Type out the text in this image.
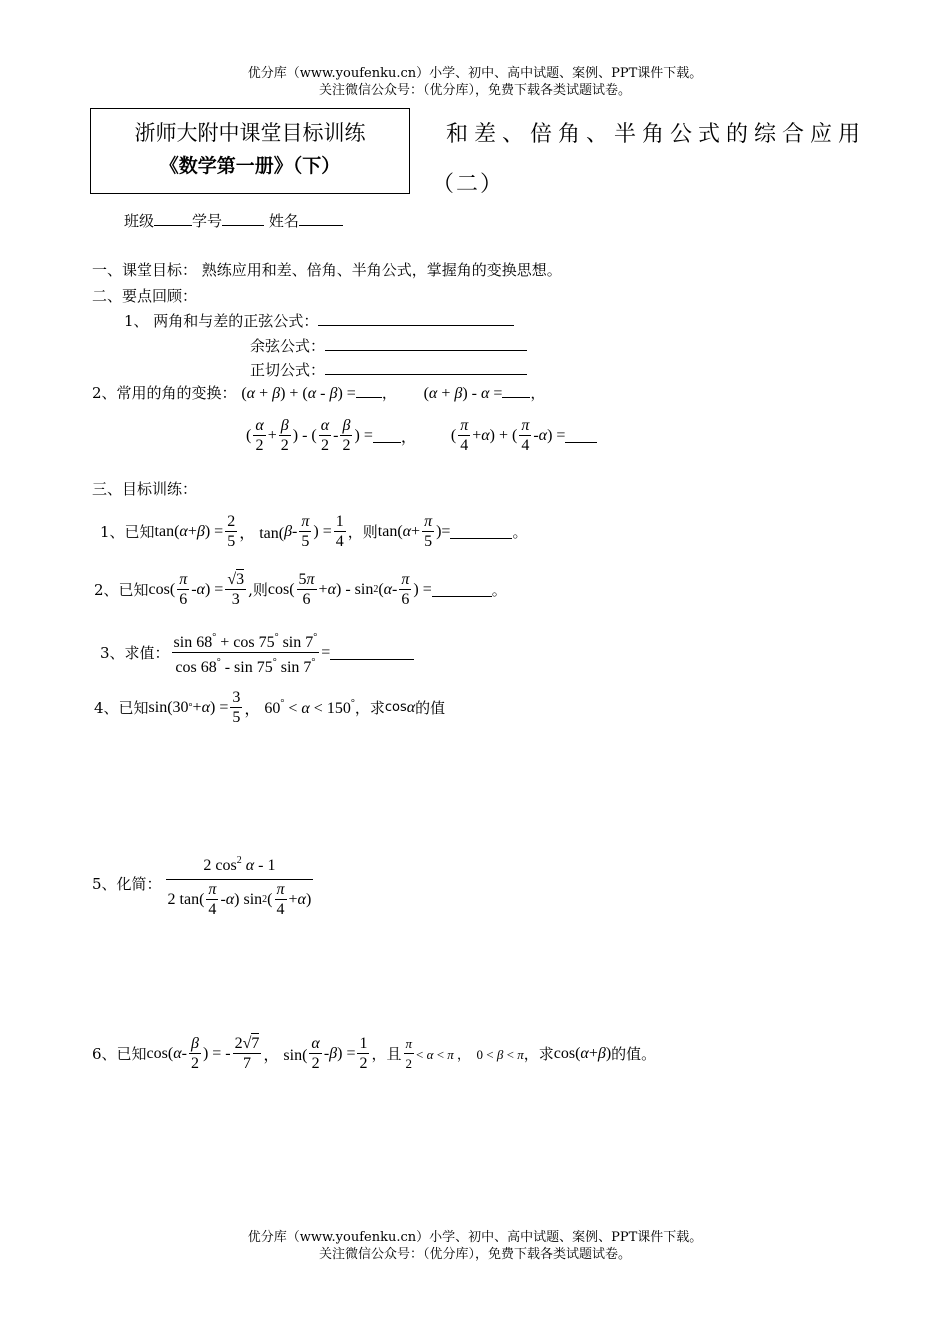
优分库（www.youfenku.cn）小学、初中、高中试题、案例、PPT课件下载。
关注微信公众号：（优分库），免费下载各类试题试卷。
浙师大附中课堂目标训练
《数学第一册》（下）
和差、倍角、半角公式的综合应用
（二）
班级	学号	姓名
一、课堂目标： 熟练应用和差、倍角、半角公式，掌握角的变换思想。
二、要点回顾：
1、 两角和与差的正弦公式：
余弦公式：
正切公式：
2、常用的角的变换： (α + β) + (α - β) = ， (α + β) - α = ，
( $\frac{\alpha}{2} + \frac{\beta}{2}$ ) - ( $\frac{\alpha}{2} - \frac{\beta}{2}$ ) = ， ( $\frac{\pi}{4} + \alpha$ ) + ( $\frac{\pi}{4}$ - α ) =
三、目标训练：
1、已知 tan( α + β ) = $\frac{2}{5}$ ， tan( β - $\frac{\pi}{5}$ ) = $\frac{1}{4}$ ，则 tan( $\alpha + \frac{\pi}{5}$ )=	。
2、已知 $\cos( \frac{\pi}{6}$ - α ) = $\frac{√3}{3}$ ,则 $\cos( \frac{5\pi}{6} + \alpha$ ) - sin 2 ( α - $\frac{\pi}{6}$ ) =	。
3、求值： $\frac{\sin 68^\circ + \cos 75^\circ \sin 7^\circ}{\cos 68^\circ - \sin 75^\circ \sin 7^\circ}$ =
4、已知 sin(30 ° + α ) = $\frac{3}{5}$ ， 60° < α < 150° ，求 cos α 的值
5、化简： $\frac{2 \cos^2 \alpha - 1}{2 \tan( \frac{\pi}{4} - \alpha ) \sin 2 ( \frac{\pi}{4} + \alpha )}$
6、已知 cos( α - $\frac{\beta}{2}$ ) = - $\frac{2√7}{7}$ ， $\sin( \frac{\alpha}{2}$ - β ) = $\frac{1}{2}$ ，且 $\frac{\pi}{2} < \alpha < \pi$ ，  0 < β < π ，求 cos( α + β ) 的值。
优分库（www.youfenku.cn）小学、初中、高中试题、案例、PPT课件下载。
关注微信公众号：（优分库），免费下载各类试题试卷。
